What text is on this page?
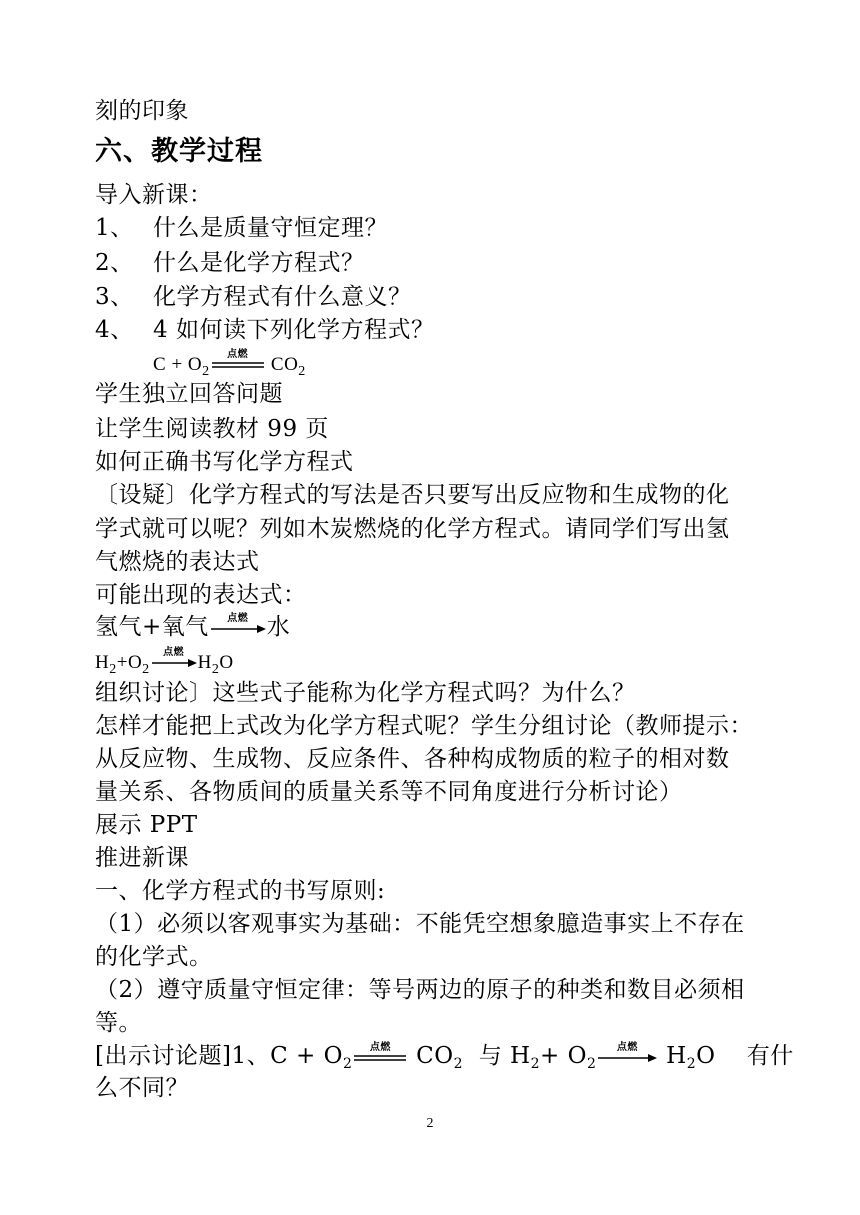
刻的印象
六、教学过程
导入新课：
1、 什么是质量守恒定理？
2、 什么是化学方程式？
3、 化学方程式有什么意义？
4、 4 如何读下列化学方程式？
$C + O_2$
点燃	$CO_2$
学生独立回答问题
让学生阅读教材 99 页
如何正确书写化学方程式
〔设疑〕化学方程式的写法是否只要写出反应物和生成物的化
学式就可以呢？列如木炭燃烧的化学方程式。请同学们写出氢
气燃烧的表达式
可能出现的表达式：
氢气+氧气	点燃 水
$H_2+O_2$
点燃 $H_2O$
组织讨论〕这些式子能称为化学方程式吗？为什么？
怎样才能把上式改为化学方程式呢？学生分组讨论（教师提示：
从反应物、生成物、反应条件、各种构成物质的粒子的相对数
量关系、各物质间的质量关系等不同角度进行分析讨论）
展示 PPT
推进新课
一、化学方程式的书写原则:
（1）必须以客观事实为基础：不能凭空想象臆造事实上不存在
的化学式。
（2）遵守质量守恒定律：等号两边的原子的种类和数目必须相
等。
[出示讨论题]1、$C + O_2$
点燃	$CO_2$ 与 $H_2+ O_2$
点燃	$H_2O$ 有什
么不同？
2
